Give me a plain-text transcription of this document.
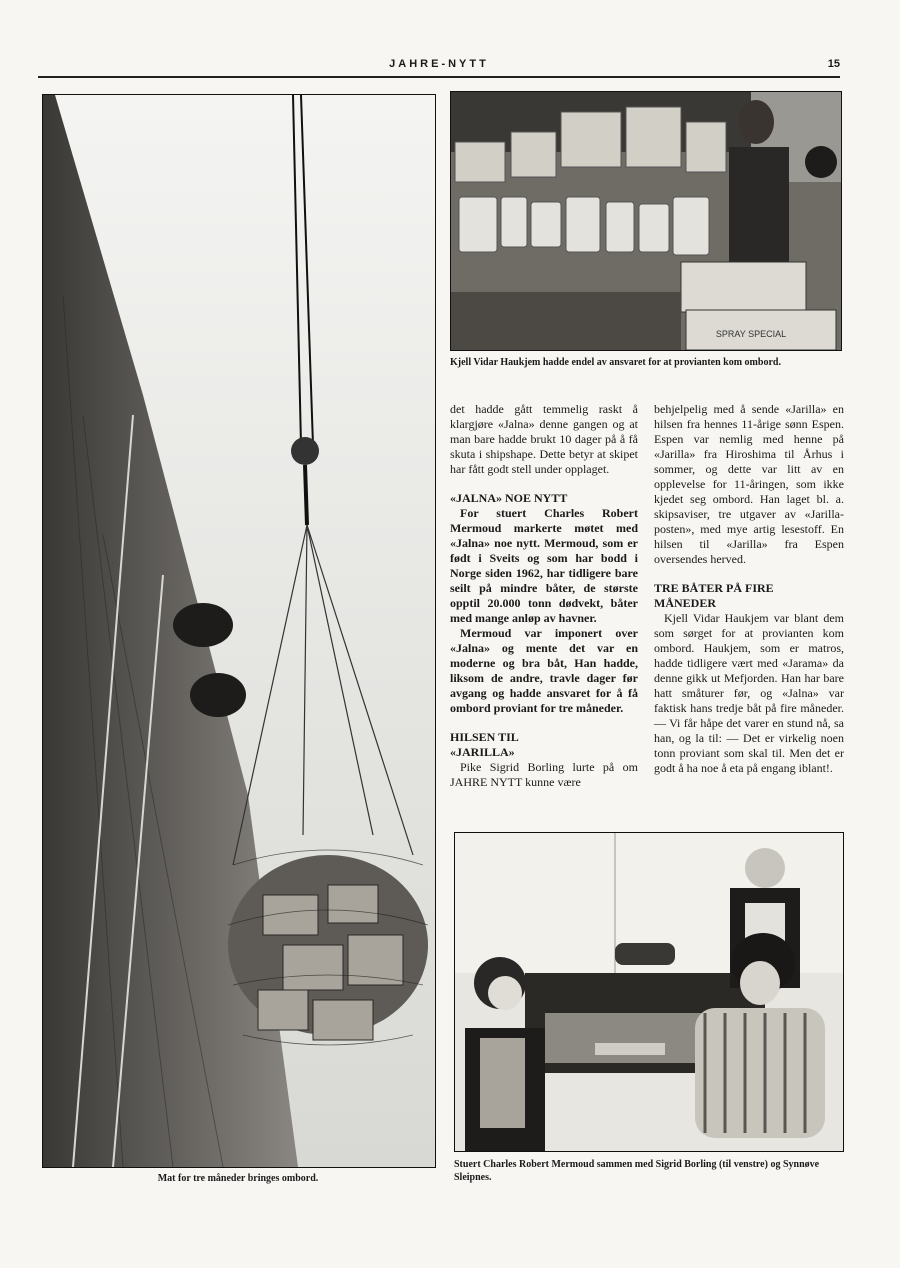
JAHRE-NYTT	15
Mat for tre måneder bringes ombord.
SPRAY SPECIAL
Kjell Vidar Haukjem hadde endel av ansvaret for at provianten kom ombord.

det hadde gått temmelig raskt å klargjøre «Jalna» denne gangen og at man bare hadde brukt 10 dager på å få skuta i shipshape. Dette betyr at skipet har fått godt stell under opplaget.

«JALNA» NOE NYTT

For stuert Charles Robert Mermoud markerte møtet med «Jalna» noe nytt. Mermoud, som er født i Sveits og som har bodd i Norge siden 1962, har tidligere bare seilt på mindre båter, de største opptil 20.000 tonn dødvekt, båter med mange anløp av havner.

Mermoud var imponert over «Jalna» og mente det var en moderne og bra båt, Han hadde, liksom de andre, travle dager før avgang og hadde ansvaret for å få ombord proviant for tre måneder.

HILSEN TIL «JARILLA»

Pike Sigrid Borling lurte på om JAHRE NYTT kunne være

behjelpelig med å sende «Jarilla» en hilsen fra hennes 11-årige sønn Espen. Espen var nemlig med henne på «Jarilla» fra Hiroshima til Århus i sommer, og dette var litt av en opplevelse for 11-åringen, som ikke kjedet seg ombord. Han laget bl. a. skipsaviser, tre utgaver av «Jarilla-posten», med mye artig lesestoff. En hilsen til «Jarilla» fra Espen oversendes herved.

TRE BÅTER PÅ FIRE MÅNEDER

Kjell Vidar Haukjem var blant dem som sørget for at provianten kom ombord. Haukjem, som er matros, hadde tidligere vært med «Jarama» da denne gikk ut Mefjorden. Han har bare hatt småturer før, og «Jalna» var faktisk hans tredje båt på fire måneder. — Vi får håpe det varer en stund nå, sa han, og la til: — Det er virkelig noen tonn proviant som skal til. Men det er godt å ha noe å eta på engang iblant!.

Stuert Charles Robert Mermoud sammen med Sigrid Borling (til venstre) og Synnøve Sleipnes.
